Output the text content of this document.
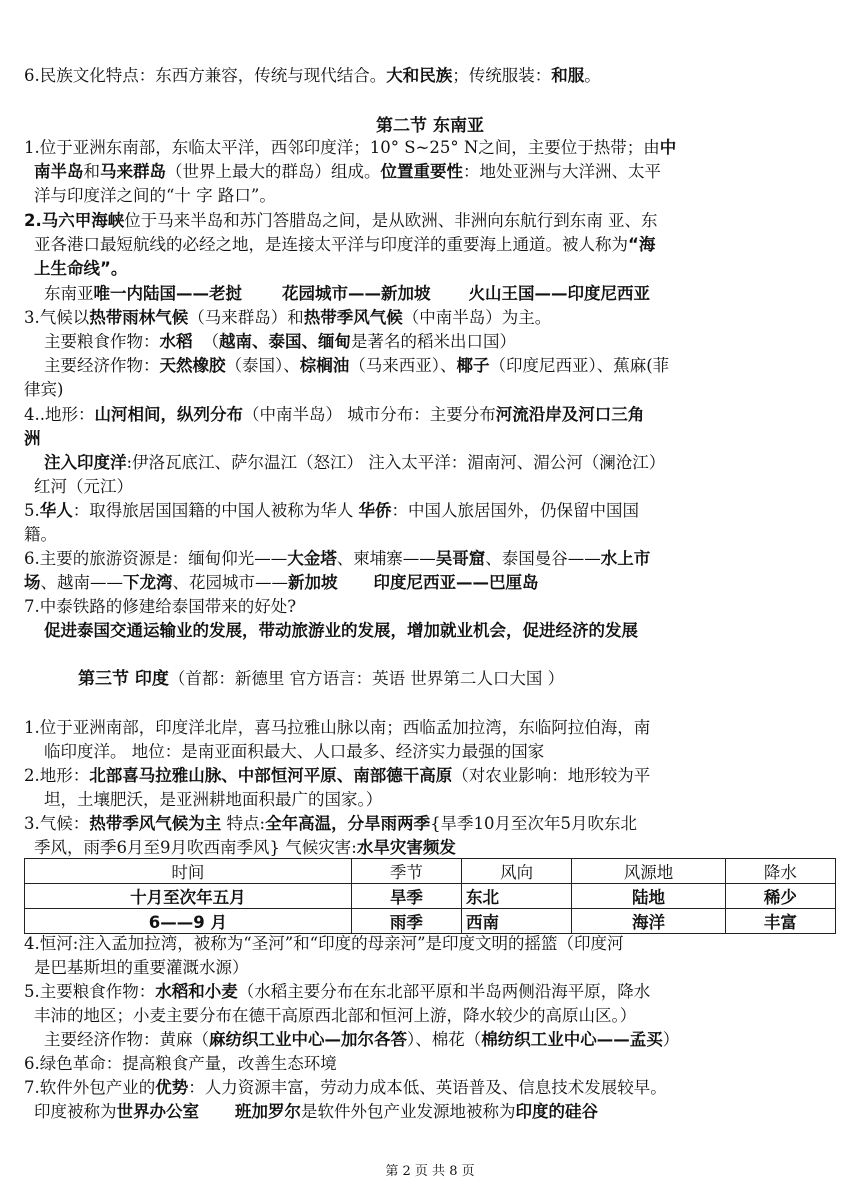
6.民族文化特点：东西方兼容，传统与现代结合。大和民族；传统服装：和服。
第二节 东南亚
1.位于亚洲东南部，东临太平洋，西邻印度洋；10° S~25° N之间，主要位于热带；由中
南半岛和马来群岛（世界上最大的群岛）组成。位置重要性：地处亚洲与大洋洲、太平
洋与印度洋之间的“十 字 路口”。
2.马六甲海峡位于马来半岛和苏门答腊岛之间，是从欧洲、非洲向东航行到东南 亚、东
亚各港口最短航线的必经之地，是连接太平洋与印度洋的重要海上通道。被人称为“海
上生命线”。
东南亚唯一内陆国——老挝 花园城市——新加坡 火山王国——印度尼西亚
3.气候以热带雨林气候（马来群岛）和热带季风气候（中南半岛）为主。
主要粮食作物：水稻 （越南、泰国、缅甸是著名的稻米出口国）
主要经济作物：天然橡胶（泰国）、棕榈油（马来西亚）、椰子（印度尼西亚）、蕉麻(菲
律宾)
4..地形：山河相间，纵列分布（中南半岛） 城市分布：主要分布河流沿岸及河口三角
洲
注入印度洋:伊洛瓦底江、萨尔温江（怒江） 注入太平洋：湄南河、湄公河（澜沧江）
红河（元江）
5.华人：取得旅居国国籍的中国人被称为华人 华侨：中国人旅居国外，仍保留中国国
籍。
6.主要的旅游资源是：缅甸仰光——大金塔、柬埔寨——吴哥窟、泰国曼谷——水上市
场、越南——下龙湾、花园城市——新加坡 印度尼西亚——巴厘岛
7.中泰铁路的修建给泰国带来的好处?
促进泰国交通运输业的发展，带动旅游业的发展，增加就业机会，促进经济的发展
第三节 印度（首都：新德里 官方语言：英语 世界第二人口大国 ）
1.位于亚洲南部，印度洋北岸，喜马拉雅山脉以南；西临孟加拉湾，东临阿拉伯海，南
临印度洋。 地位：是南亚面积最大、人口最多、经济实力最强的国家
2.地形：北部喜马拉雅山脉、中部恒河平原、南部德干高原（对农业影响：地形较为平
坦，土壤肥沃，是亚洲耕地面积最广的国家。）
3.气候：热带季风气候为主 特点:全年高温，分旱雨两季{旱季10月至次年5月吹东北
季风，雨季6月至9月吹西南季风} 气候灾害:水旱灾害频发
时间	季节	风向	风源地	降水
十月至次年五月	旱季	东北	陆地	稀少
6——9 月	雨季	西南	海洋	丰富
4.恒河:注入孟加拉湾，被称为“圣河”和“印度的母亲河”是印度文明的摇篮（印度河
是巴基斯坦的重要灌溉水源）
5.主要粮食作物：水稻和小麦（水稻主要分布在东北部平原和半岛两侧沿海平原，降水
丰沛的地区；小麦主要分布在德干高原西北部和恒河上游，降水较少的高原山区。）
主要经济作物：黄麻（麻纺织工业中心—加尔各答）、棉花（棉纺织工业中心——孟买）
6.绿色革命：提高粮食产量，改善生态环境
7.软件外包产业的优势：人力资源丰富，劳动力成本低、英语普及、信息技术发展较早。
印度被称为世界办公室 班加罗尔是软件外包产业发源地被称为印度的硅谷
第 2 页 共 8 页
